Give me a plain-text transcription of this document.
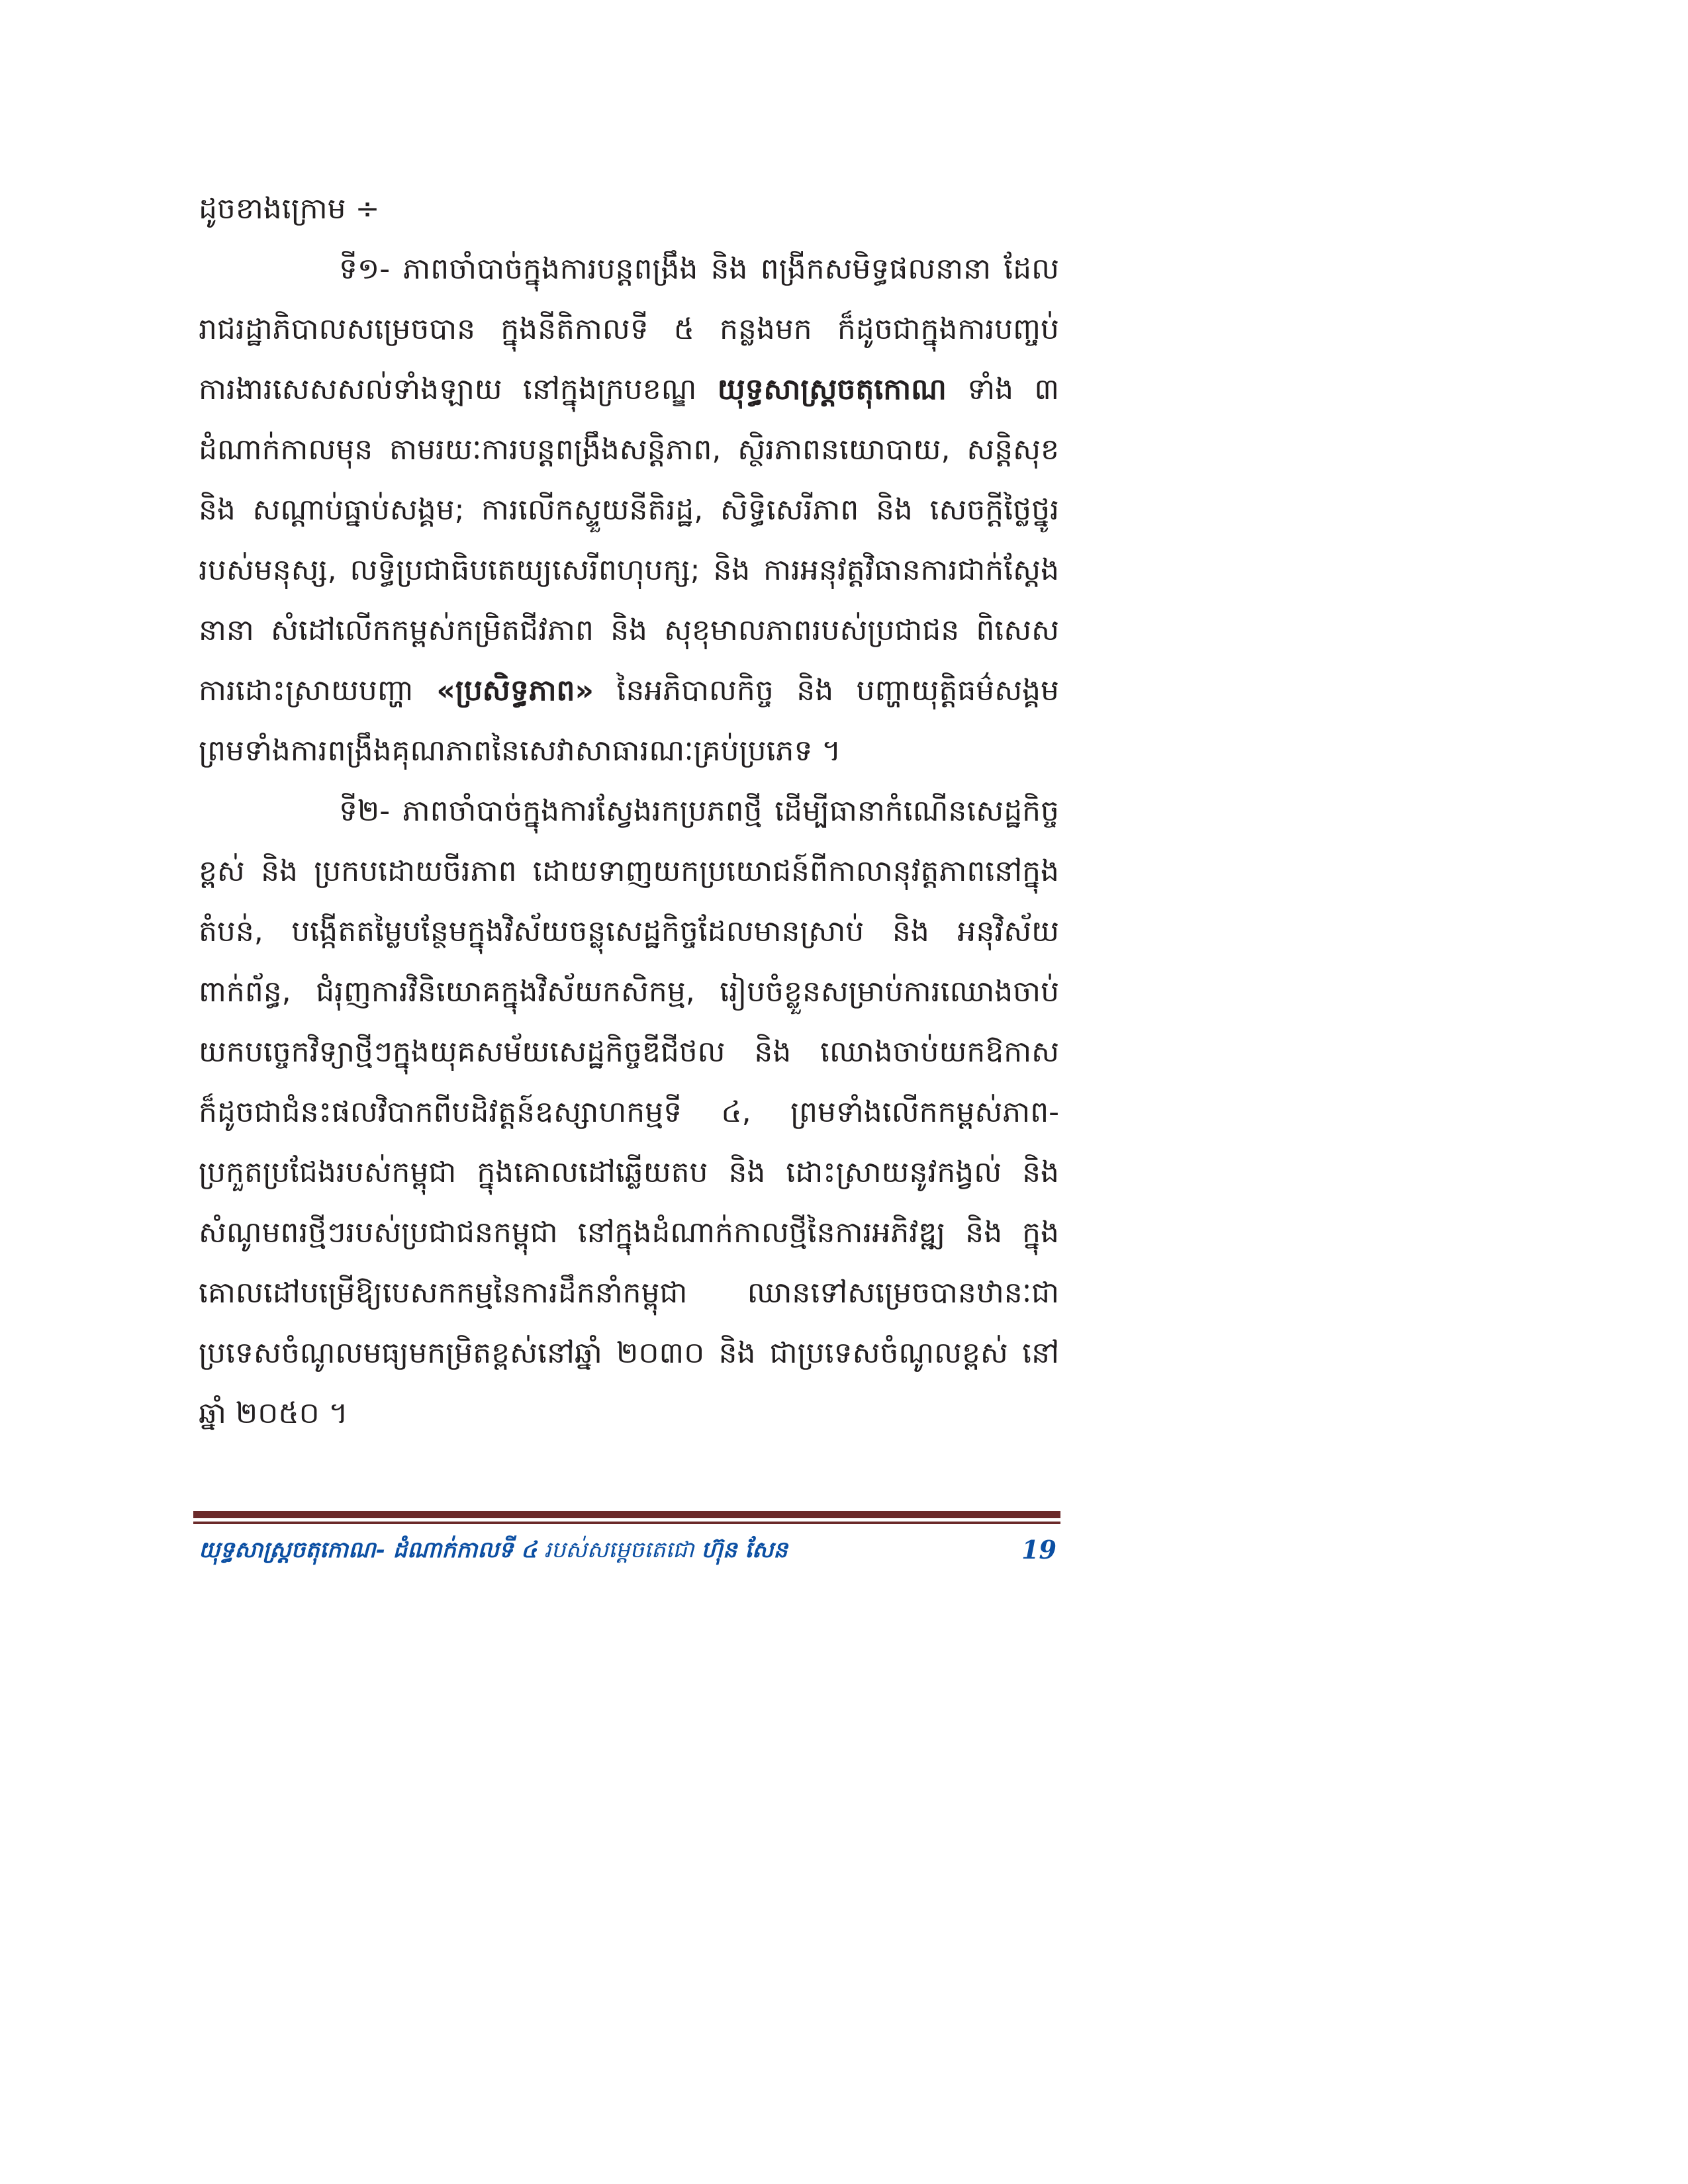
ដូចខាងក្រោម ÷
ទី១- ភាពចាំបាច់ក្នុងការបន្តពង្រឹង និង ពង្រីកសមិទ្ធផលនានា ដែល
រាជរដ្ឋាភិបាលសម្រេចបាន ក្នុងនីតិកាលទី ៥ កន្លងមក ក៏ដូចជាក្នុងការបញ្ចប់
ការងារសេសសល់ទាំងឡាយ នៅក្នុងក្របខណ្ឌ យុទ្ធសាស្ត្រចតុកោណ ទាំង ៣
ដំណាក់កាលមុន តាមរយៈការបន្តពង្រឹងសន្តិភាព, ស្ថិរភាពនយោបាយ, សន្តិសុខ
និង សណ្តាប់ធ្នាប់សង្គម; ការលើកស្ទួយនីតិរដ្ឋ, សិទ្ធិសេរីភាព និង សេចក្តីថ្លៃថ្នូរ
របស់មនុស្ស, លទ្ធិប្រជាធិបតេយ្យសេរីពហុបក្ស; និង ការអនុវត្តវិធានការជាក់ស្តែង
នានា សំដៅលើកកម្ពស់កម្រិតជីវភាព និង សុខុមាលភាពរបស់ប្រជាជន ពិសេស
ការដោះស្រាយបញ្ហា «ប្រសិទ្ធភាព» នៃអភិបាលកិច្ច និង បញ្ហាយុត្តិធម៌សង្គម
ព្រមទាំងការពង្រឹងគុណភាពនៃសេវាសាធារណៈគ្រប់ប្រភេទ ។
ទី២- ភាពចាំបាច់ក្នុងការស្វែងរកប្រភពថ្មី ដើម្បីធានាកំណើនសេដ្ឋកិច្ច
ខ្ពស់ និង ប្រកបដោយចីរភាព ដោយទាញយកប្រយោជន៍ពីកាលានុវត្តភាពនៅក្នុង
តំបន់, បង្កើតតម្លៃបន្ថែមក្នុងវិស័យចន្លុសេដ្ឋកិច្ចដែលមានស្រាប់ និង អនុវិស័យ
ពាក់ព័ន្ធ, ជំរុញការវិនិយោគក្នុងវិស័យកសិកម្ម, រៀបចំខ្លួនសម្រាប់ការឈោងចាប់
យកបច្ចេកវិទ្យាថ្មីៗក្នុងយុគសម័យសេដ្ឋកិច្ចឌីជីថល និង ឈោងចាប់យកឱកាស
ក៏ដូចជាជំនះផលវិបាកពីបដិវត្តន៍ឧស្សាហកម្មទី ៤, ព្រមទាំងលើកកម្ពស់ភាព-
ប្រកួតប្រជែងរបស់កម្ពុជា ក្នុងគោលដៅឆ្លើយតប និង ដោះស្រាយនូវកង្វល់ និង
សំណូមពរថ្មីៗរបស់ប្រជាជនកម្ពុជា នៅក្នុងដំណាក់កាលថ្មីនៃការអភិវឌ្ឍ និង ក្នុង
គោលដៅបម្រើឱ្យបេសកកម្មនៃការដឹកនាំកម្ពុជា ឈានទៅសម្រេចបានឋានៈជា
ប្រទេសចំណូលមធ្យមកម្រិតខ្ពស់នៅឆ្នាំ ២០៣០ និង ជាប្រទេសចំណូលខ្ពស់ នៅ
ឆ្នាំ ២០៥០ ។
យុទ្ធសាស្ត្រចតុកោណ- ដំណាក់កាលទី ៤ របស់សម្តេចតេជោ ហ៊ុន សែន	19
